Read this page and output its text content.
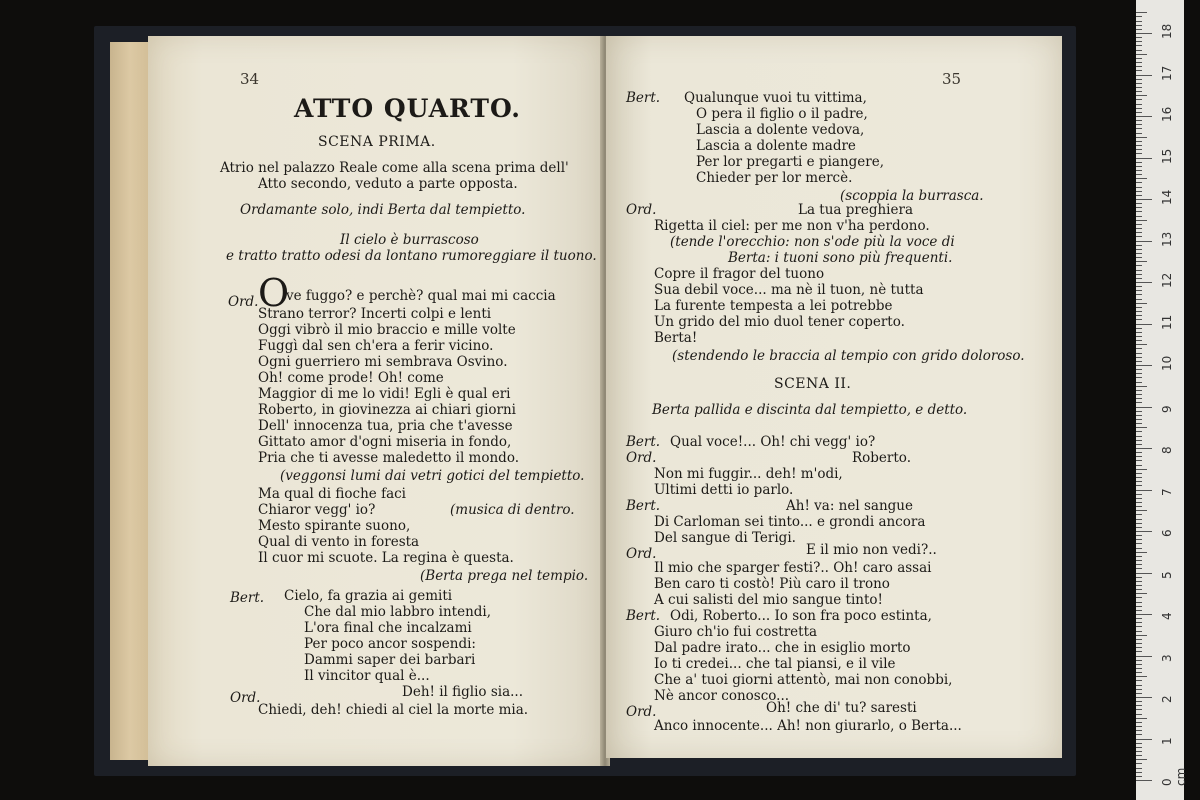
34
ATTO QUARTO.
SCENA PRIMA.
Atrio nel palazzo Reale come alla scena prima dell'
Atto secondo, veduto a parte opposta.
Ordamante solo, indi Berta dal tempietto.
Il cielo è burrascoso
e tratto tratto odesi da lontano rumoreggiare il tuono.
Ord. O
ve fuggo? e perchè? qual mai mi caccia
Strano terror? Incerti colpi e lenti
Oggi vibrò il mio braccio e mille volte
Fuggì dal sen ch'era a ferir vicino.
Ogni guerriero mi sembrava Osvino.
Oh! come prode! Oh! come
Maggior di me lo vidi! Egli è qual eri
Roberto, in giovinezza ai chiari giorni
Dell' innocenza tua, pria che t'avesse
Gittato amor d'ogni miseria in fondo,
Pria che ti avesse maledetto il mondo.
(veggonsi lumi dai vetri gotici del tempietto.
Ma qual di fioche faci
Chiaror vegg' io?	(musica di dentro.
Mesto spirante suono,
Qual di vento in foresta
Il cuor mi scuote. La regina è questa.
(Berta prega nel tempio.
Bert. Cielo, fa grazia ai gemiti
Che dal mio labbro intendi,
L'ora final che incalzami
Per poco ancor sospendi:
Dammi saper dei barbari
Il vincitor qual è...
Ord.	Deh! il figlio sia...
Chiedi, deh! chiedi al ciel la morte mia.
35
Bert. Qualunque vuoi tu vittima,
O pera il figlio o il padre,
Lascia a dolente vedova,
Lascia a dolente madre
Per lor pregarti e piangere,
Chieder per lor mercè.
(scoppia la burrasca.
Ord.	La tua preghiera
Rigetta il ciel: per me non v'ha perdono.
(tende l'orecchio: non s'ode più la voce di
Berta: i tuoni sono più frequenti.
Copre il fragor del tuono
Sua debil voce... ma nè il tuon, nè tutta
La furente tempesta a lei potrebbe
Un grido del mio duol tener coperto.
Berta!
(stendendo le braccia al tempio con grido doloroso.
SCENA II.
Berta pallida e discinta dal tempietto, e detto.
Bert. Qual voce!... Oh! chi vegg' io?
Ord.	Roberto.
Non mi fuggir... deh! m'odi,
Ultimi detti io parlo.
Bert.	Ah! va: nel sangue
Di Carloman sei tinto... e grondi ancora
Del sangue di Terigi.
Ord.	E il mio non vedi?..
Il mio che sparger festi?.. Oh! caro assai
Ben caro ti costò! Più caro il trono
A cui salisti del mio sangue tinto!
Bert. Odi, Roberto... Io son fra poco estinta,
Giuro ch'io fui costretta
Dal padre irato... che in esiglio morto
Io ti credei... che tal piansi, e il vile
Che a' tuoi giorni attentò, mai non conobbi,
Nè ancor conosco...
Ord.	Oh! che di' tu? saresti
Anco innocente... Ah! non giurarlo, o Berta...
0 cm
1
2
3
4
5
6
7
8
9
10
11
12
13
14
15
16
17
18
